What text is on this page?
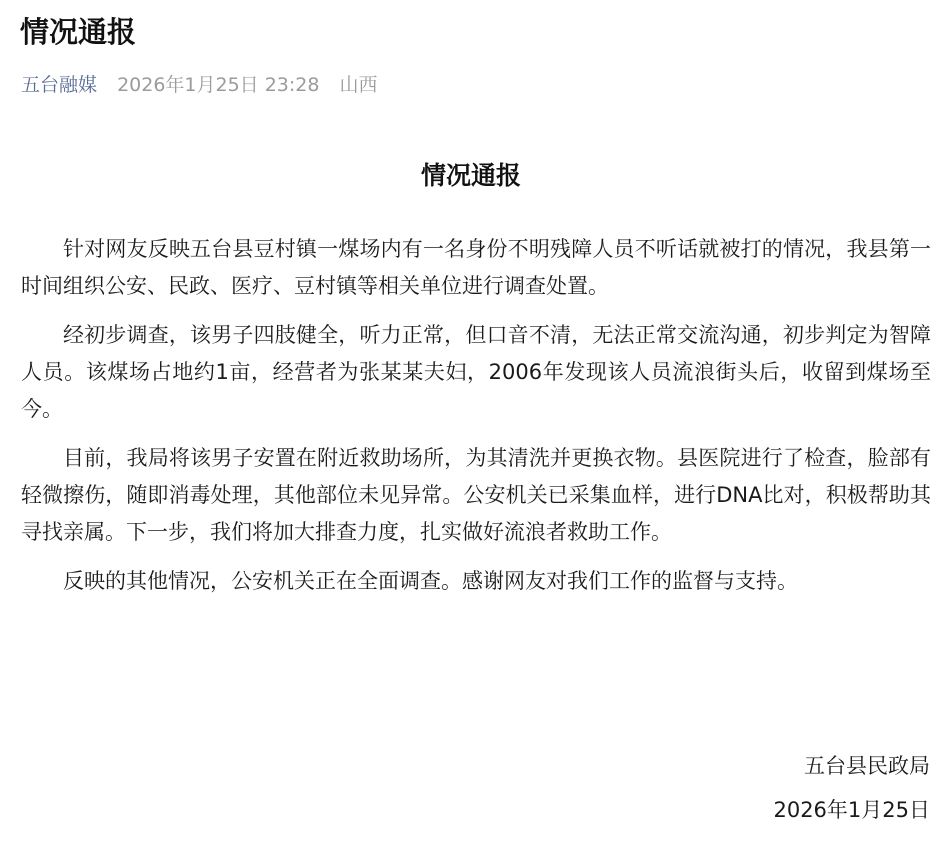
情况通报
五台融媒 2026年1月25日 23:28 山西
情况通报

针对网友反映五台县豆村镇一煤场内有一名身份不明残障人员不听话就被打的情况，我县第一时间组织公安、民政、医疗、豆村镇等相关单位进行调查处置。

经初步调查，该男子四肢健全，听力正常，但口音不清，无法正常交流沟通，初步判定为智障人员。该煤场占地约1亩，经营者为张某某夫妇，2006年发现该人员流浪街头后，收留到煤场至今。

目前，我局将该男子安置在附近救助场所，为其清洗并更换衣物。县医院进行了检查，脸部有轻微擦伤，随即消毒处理，其他部位未见异常。公安机关已采集血样，进行DNA比对，积极帮助其寻找亲属。下一步，我们将加大排查力度，扎实做好流浪者救助工作。

反映的其他情况，公安机关正在全面调查。感谢网友对我们工作的监督与支持。

五台县民政局
2026年1月25日
